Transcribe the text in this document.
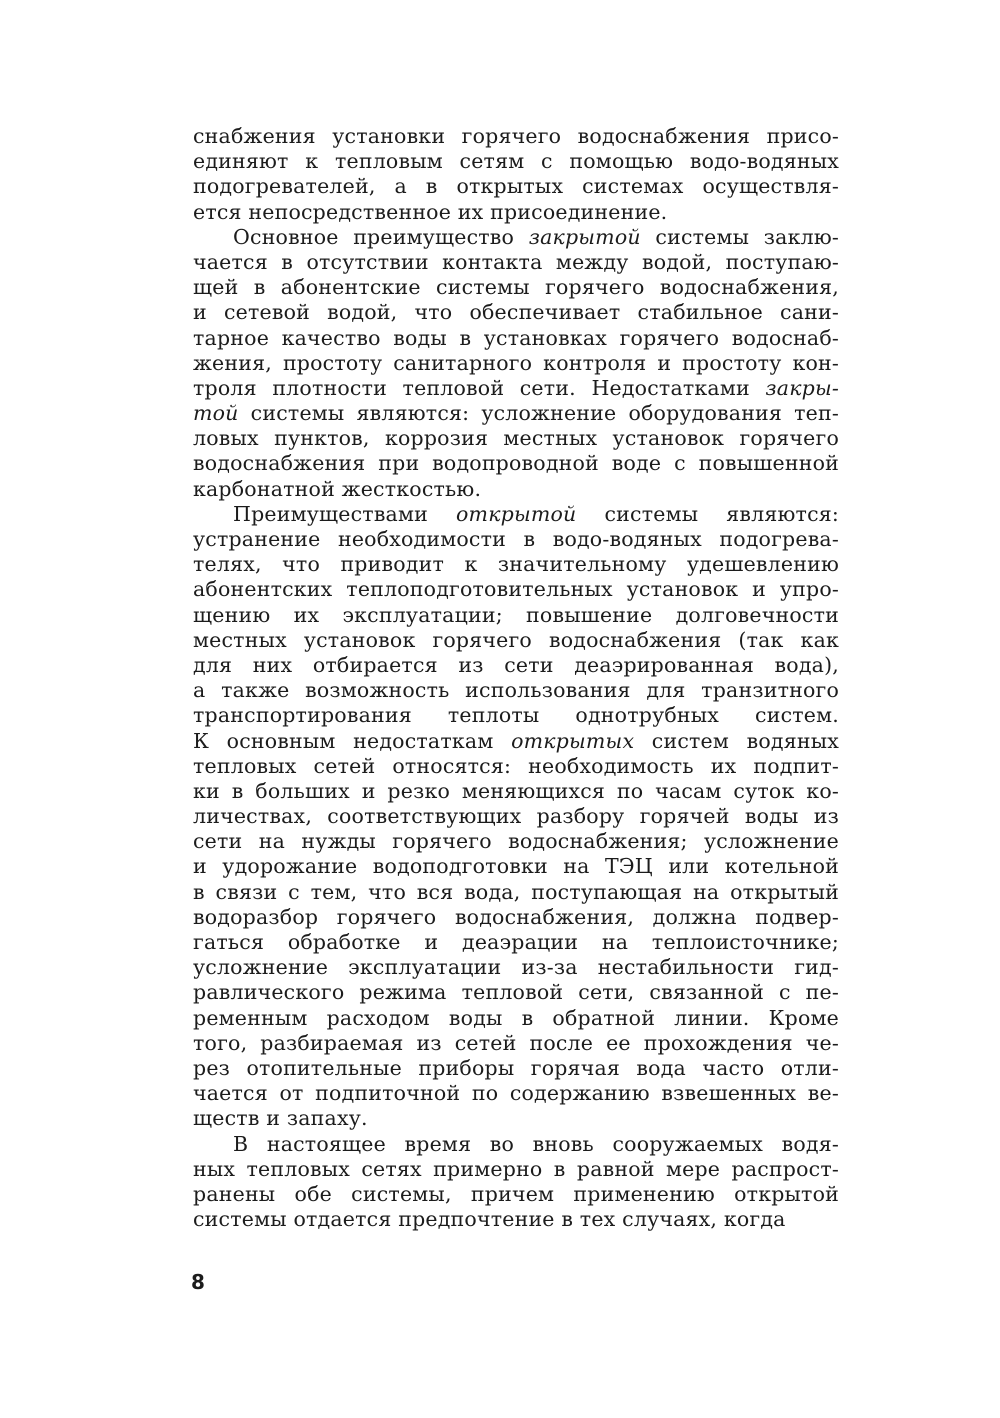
снабжения установки горячего водоснабжения присо-
единяют к тепловым сетям с помощью водо-водяных
подогревателей, а в открытых системах осуществля-
ется непосредственное их присоединение.
Основное преимущество закрытой системы заклю-
чается в отсутствии контакта между водой, поступаю-
щей в абонентские системы горячего водоснабжения,
и сетевой водой, что обеспечивает стабильное сани-
тарное качество воды в установках горячего водоснаб-
жения, простоту санитарного контроля и простоту кон-
троля плотности тепловой сети. Недостатками закры-
той системы являются: усложнение оборудования теп-
ловых пунктов, коррозия местных установок горячего
водоснабжения при водопроводной воде с повышенной
карбонатной жесткостью.
Преимуществами открытой системы являются:
устранение необходимости в водо-водяных подогрева-
телях, что приводит к значительному удешевлению
абонентских теплоподготовительных установок и упро-
щению их эксплуатации; повышение долговечности
местных установок горячего водоснабжения (так как
для них отбирается из сети деаэрированная вода),
а также возможность использования для транзитного
транспортирования теплоты однотрубных систем.
К основным недостаткам открытых систем водяных
тепловых сетей относятся: необходимость их подпит-
ки в больших и резко меняющихся по часам суток ко-
личествах, соответствующих разбору горячей воды из
сети на нужды горячего водоснабжения; усложнение
и удорожание водоподготовки на ТЭЦ или котельной
в связи с тем, что вся вода, поступающая на открытый
водоразбор горячего водоснабжения, должна подвер-
гаться обработке и деаэрации на теплоисточнике;
усложнение эксплуатации из-за нестабильности гид-
равлического режима тепловой сети, связанной с пе-
ременным расходом воды в обратной линии. Кроме
того, разбираемая из сетей после ее прохождения че-
рез отопительные приборы горячая вода часто отли-
чается от подпиточной по содержанию взвешенных ве-
ществ и запаху.
В настоящее время во вновь сооружаемых водя-
ных тепловых сетях примерно в равной мере распрост-
ранены обе системы, причем применению открытой
системы отдается предпочтение в тех случаях, когда
8
